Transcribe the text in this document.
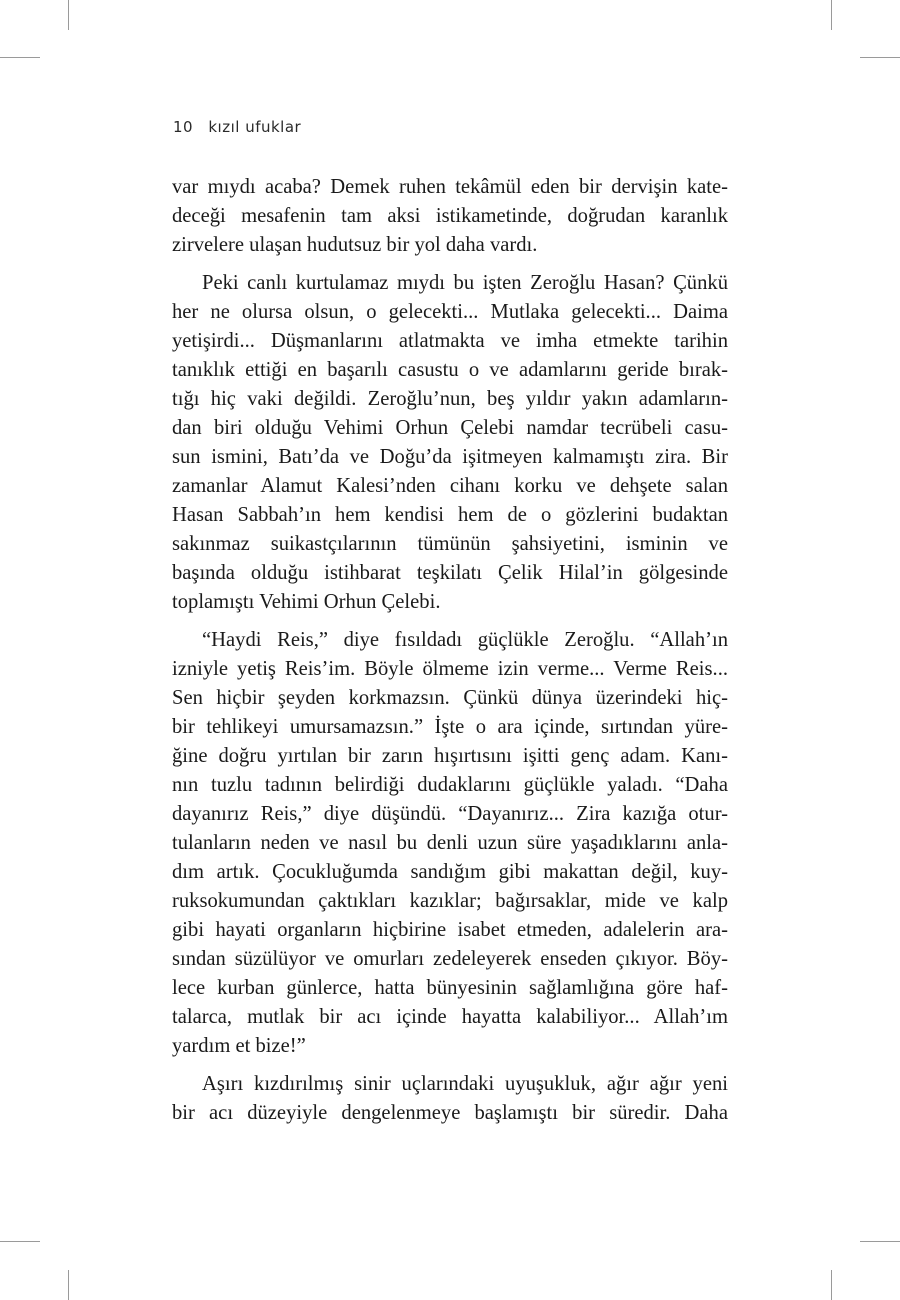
10 kızıl ufuklar

var mıydı acaba? Demek ruhen tekâmül eden bir dervişin kate-
deceği mesafenin tam aksi istikametinde, doğrudan karanlık
zirvelere ulaşan hudutsuz bir yol daha vardı.

Peki canlı kurtulamaz mıydı bu işten Zeroğlu Hasan? Çünkü
her ne olursa olsun, o gelecekti... Mutlaka gelecekti... Daima
yetişirdi... Düşmanlarını atlatmakta ve imha etmekte tarihin
tanıklık ettiği en başarılı casustu o ve adamlarını geride bırak-
tığı hiç vaki değildi. Zeroğlu’nun, beş yıldır yakın adamların-
dan biri olduğu Vehimi Orhun Çelebi namdar tecrübeli casu-
sun ismini, Batı’da ve Doğu’da işitmeyen kalmamıştı zira. Bir
zamanlar Alamut Kalesi’nden cihanı korku ve dehşete salan
Hasan Sabbah’ın hem kendisi hem de o gözlerini budaktan
sakınmaz suikastçılarının tümünün şahsiyetini, isminin ve
başında olduğu istihbarat teşkilatı Çelik Hilal’in gölgesinde
toplamıştı Vehimi Orhun Çelebi.

“Haydi Reis,” diye fısıldadı güçlükle Zeroğlu. “Allah’ın
izniyle yetiş Reis’im. Böyle ölmeme izin verme... Verme Reis...
Sen hiçbir şeyden korkmazsın. Çünkü dünya üzerindeki hiç-
bir tehlikeyi umursamazsın.” İşte o ara içinde, sırtından yüre-
ğine doğru yırtılan bir zarın hışırtısını işitti genç adam. Kanı-
nın tuzlu tadının belirdiği dudaklarını güçlükle yaladı. “Daha
dayanırız Reis,” diye düşündü. “Dayanırız... Zira kazığa otur-
tulanların neden ve nasıl bu denli uzun süre yaşadıklarını anla-
dım artık. Çocukluğumda sandığım gibi makattan değil, kuy-
ruksokumundan çaktıkları kazıklar; bağırsaklar, mide ve kalp
gibi hayati organların hiçbirine isabet etmeden, adalelerin ara-
sından süzülüyor ve omurları zedeleyerek enseden çıkıyor. Böy-
lece kurban günlerce, hatta bünyesinin sağlamlığına göre haf-
talarca, mutlak bir acı içinde hayatta kalabiliyor... Allah’ım
yardım et bize!”

Aşırı kızdırılmış sinir uçlarındaki uyuşukluk, ağır ağır yeni
bir acı düzeyiyle dengelenmeye başlamıştı bir süredir. Daha
